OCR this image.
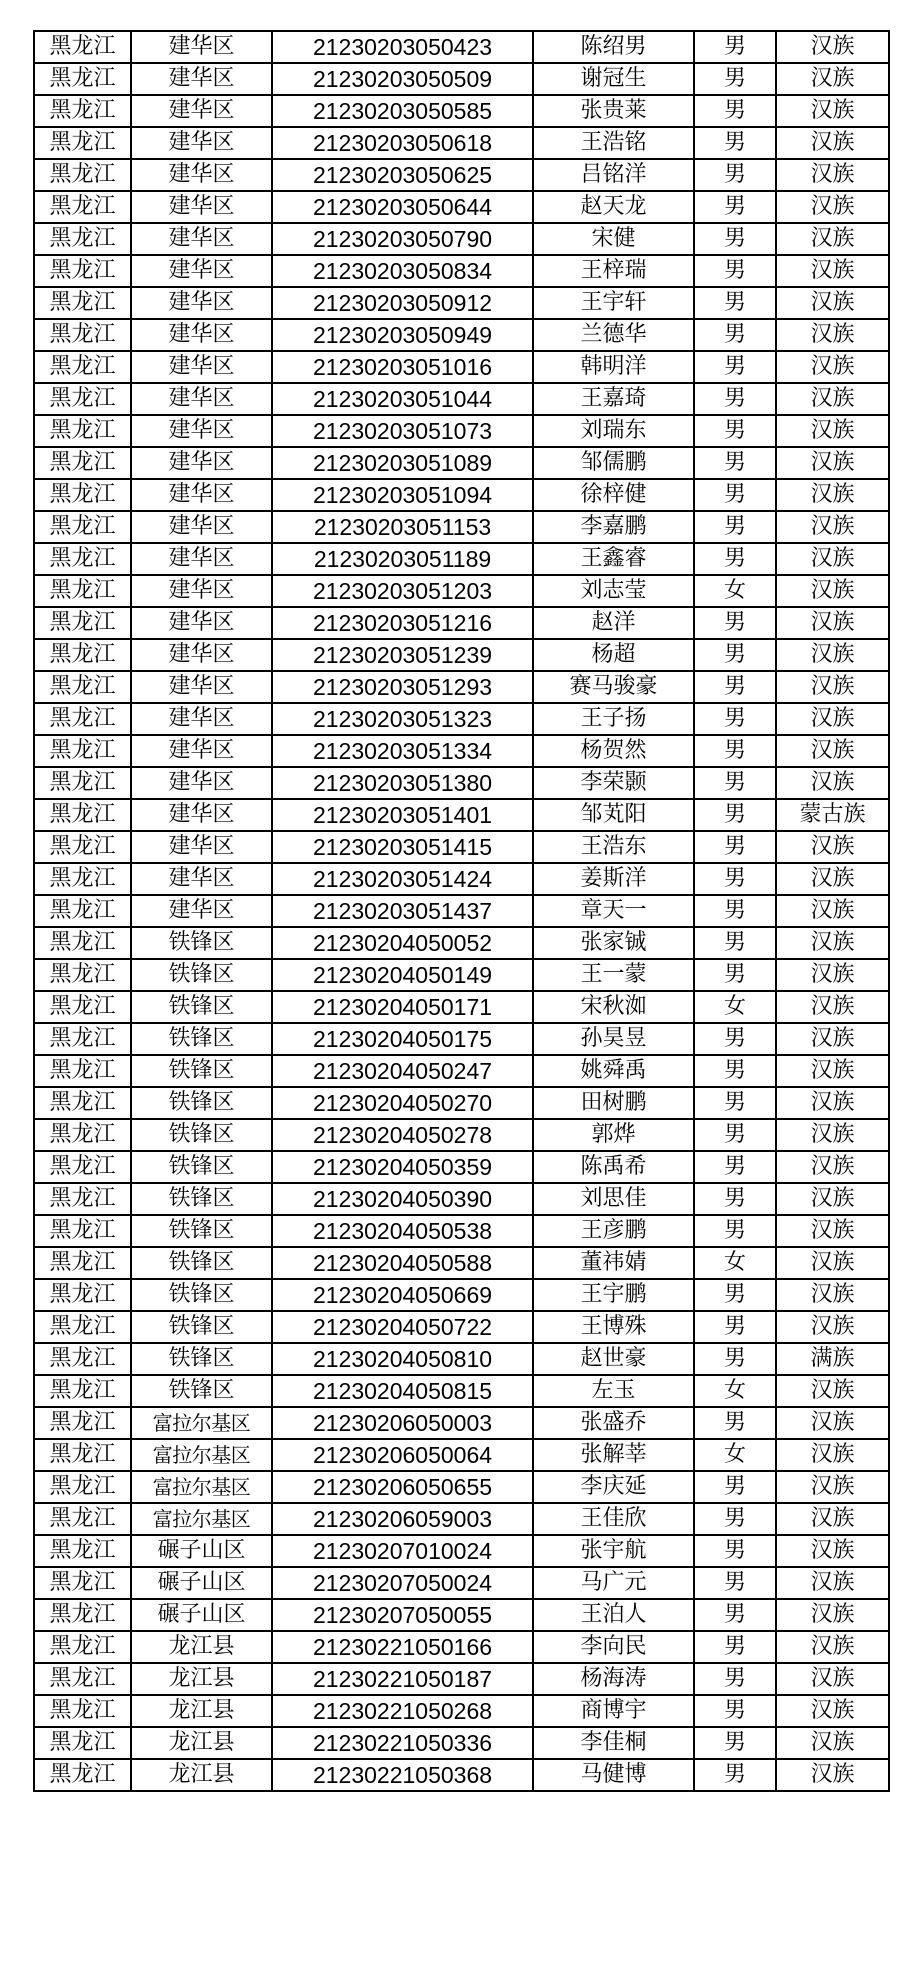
黑龙江	建华区	21230203050423	陈绍男	男	汉族
黑龙江	建华区	21230203050509	谢冠生	男	汉族
黑龙江	建华区	21230203050585	张贵莱	男	汉族
黑龙江	建华区	21230203050618	王浩铭	男	汉族
黑龙江	建华区	21230203050625	吕铭洋	男	汉族
黑龙江	建华区	21230203050644	赵天龙	男	汉族
黑龙江	建华区	21230203050790	宋健	男	汉族
黑龙江	建华区	21230203050834	王梓瑞	男	汉族
黑龙江	建华区	21230203050912	王宇轩	男	汉族
黑龙江	建华区	21230203050949	兰德华	男	汉族
黑龙江	建华区	21230203051016	韩明洋	男	汉族
黑龙江	建华区	21230203051044	王嘉琦	男	汉族
黑龙江	建华区	21230203051073	刘瑞东	男	汉族
黑龙江	建华区	21230203051089	邹儒鹏	男	汉族
黑龙江	建华区	21230203051094	徐梓健	男	汉族
黑龙江	建华区	21230203051153	李嘉鹏	男	汉族
黑龙江	建华区	21230203051189	王鑫睿	男	汉族
黑龙江	建华区	21230203051203	刘志莹	女	汉族
黑龙江	建华区	21230203051216	赵洋	男	汉族
黑龙江	建华区	21230203051239	杨超	男	汉族
黑龙江	建华区	21230203051293	赛马骏豪	男	汉族
黑龙江	建华区	21230203051323	王子扬	男	汉族
黑龙江	建华区	21230203051334	杨贺然	男	汉族
黑龙江	建华区	21230203051380	李荣颢	男	汉族
黑龙江	建华区	21230203051401	邹芄阳	男	蒙古族
黑龙江	建华区	21230203051415	王浩东	男	汉族
黑龙江	建华区	21230203051424	姜斯洋	男	汉族
黑龙江	建华区	21230203051437	章天一	男	汉族
黑龙江	铁锋区	21230204050052	张家铖	男	汉族
黑龙江	铁锋区	21230204050149	王一蒙	男	汉族
黑龙江	铁锋区	21230204050171	宋秋洳	女	汉族
黑龙江	铁锋区	21230204050175	孙昊昱	男	汉族
黑龙江	铁锋区	21230204050247	姚舜禹	男	汉族
黑龙江	铁锋区	21230204050270	田树鹏	男	汉族
黑龙江	铁锋区	21230204050278	郭烨	男	汉族
黑龙江	铁锋区	21230204050359	陈禹希	男	汉族
黑龙江	铁锋区	21230204050390	刘思佳	男	汉族
黑龙江	铁锋区	21230204050538	王彦鹏	男	汉族
黑龙江	铁锋区	21230204050588	董祎婧	女	汉族
黑龙江	铁锋区	21230204050669	王宇鹏	男	汉族
黑龙江	铁锋区	21230204050722	王博殊	男	汉族
黑龙江	铁锋区	21230204050810	赵世豪	男	满族
黑龙江	铁锋区	21230204050815	左玉	女	汉族
黑龙江	富拉尔基区	21230206050003	张盛乔	男	汉族
黑龙江	富拉尔基区	21230206050064	张解莘	女	汉族
黑龙江	富拉尔基区	21230206050655	李庆延	男	汉族
黑龙江	富拉尔基区	21230206059003	王佳欣	男	汉族
黑龙江	碾子山区	21230207010024	张宇航	男	汉族
黑龙江	碾子山区	21230207050024	马广元	男	汉族
黑龙江	碾子山区	21230207050055	王泊人	男	汉族
黑龙江	龙江县	21230221050166	李向民	男	汉族
黑龙江	龙江县	21230221050187	杨海涛	男	汉族
黑龙江	龙江县	21230221050268	商博宇	男	汉族
黑龙江	龙江县	21230221050336	李佳桐	男	汉族
黑龙江	龙江县	21230221050368	马健博	男	汉族
